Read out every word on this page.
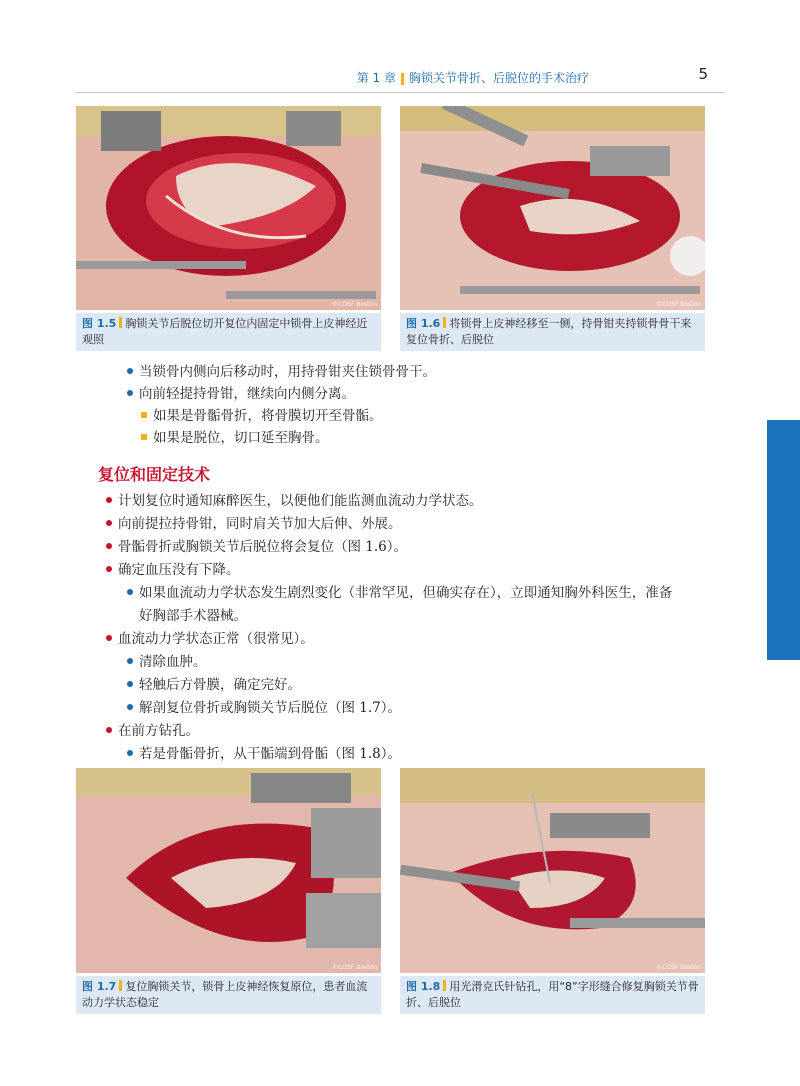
第 1 章 胸锁关节骨折、后脱位的手术治疗	5
©COSF Boston
图 1.5 胸锁关节后脱位切开复位内固定中锁骨上皮神经近观照
©COSF Boston
图 1.6 将锁骨上皮神经移至一侧，持骨钳夹持锁骨骨干来复位骨折、后脱位
当锁骨内侧向后移动时，用持骨钳夹住锁骨骨干。
向前轻提持骨钳，继续向内侧分离。
如果是骨骺骨折，将骨膜切开至骨骺。
如果是脱位，切口延至胸骨。
复位和固定技术
计划复位时通知麻醉医生，以便他们能监测血流动力学状态。
向前提拉持骨钳，同时肩关节加大后伸、外展。
骨骺骨折或胸锁关节后脱位将会复位（图 1.6）。
确定血压没有下降。
如果血流动力学状态发生剧烈变化（非常罕见，但确实存在），立即通知胸外科医生，准备
好胸部手术器械。
血流动力学状态正常（很常见）。
清除血肿。
轻触后方骨膜，确定完好。
解剖复位骨折或胸锁关节后脱位（图 1.7）。
在前方钻孔。
若是骨骺骨折，从干骺端到骨骺（图 1.8）。
©COSF Boston
图 1.7 复位胸锁关节，锁骨上皮神经恢复原位，患者血流动力学状态稳定
©COSF Boston
图 1.8 用光滑克氏针钻孔，用“8”字形缝合修复胸锁关节骨折、后脱位
